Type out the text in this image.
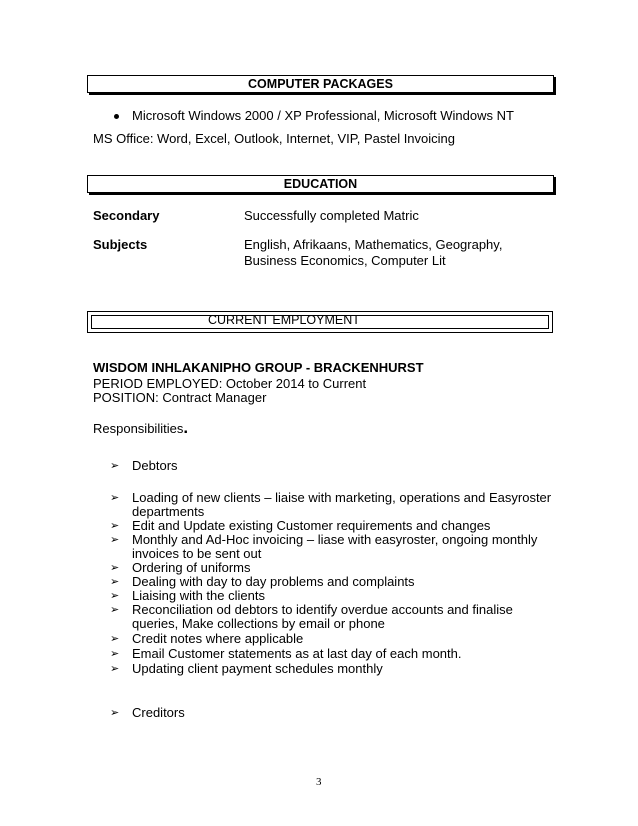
COMPUTER PACKAGES
Microsoft Windows 2000 / XP Professional, Microsoft Windows NT
MS Office: Word, Excel, Outlook, Internet, VIP, Pastel Invoicing
EDUCATION
Secondary	Successfully completed Matric
Subjects	English, Afrikaans, Mathematics, Geography,
Business Economics, Computer Lit
CURRENT EMPLOYMENT
WISDOM INHLAKANIPHO GROUP - BRACKENHURST
PERIOD EMPLOYED: October 2014 to Current
POSITION: Contract Manager
Responsibilities.
➢ Debtors
➢ Loading of new clients – liaise with marketing, operations and Easyroster
departments
➢ Edit and Update existing Customer requirements and changes
➢ Monthly and Ad-Hoc invoicing – liase with easyroster, ongoing monthly
invoices to be sent out
➢ Ordering of uniforms
➢ Dealing with day to day problems and complaints
➢ Liaising with the clients
➢ Reconciliation od debtors to identify overdue accounts and finalise
queries, Make collections by email or phone
➢ Credit notes where applicable
➢ Email Customer statements as at last day of each month.
➢ Updating client payment schedules monthly
➢ Creditors
3
